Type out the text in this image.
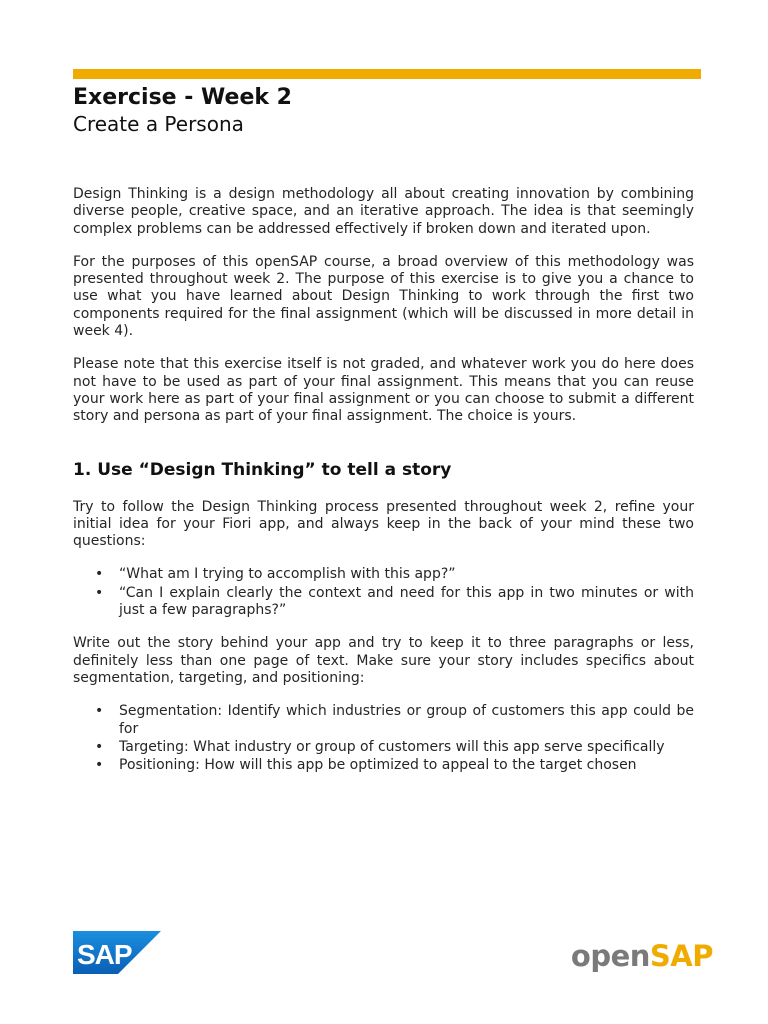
Exercise - Week 2
Create a Persona

Design Thinking is a design methodology all about creating innovation by combining diverse people, creative space, and an iterative approach. The idea is that seemingly complex problems can be addressed effectively if broken down and iterated upon.

For the purposes of this openSAP course, a broad overview of this methodology was presented throughout week 2. The purpose of this exercise is to give you a chance to use what you have learned about Design Thinking to work through the first two components required for the final assignment (which will be discussed in more detail in week 4).

Please note that this exercise itself is not graded, and whatever work you do here does not have to be used as part of your final assignment. This means that you can reuse your work here as part of your final assignment or you can choose to submit a different story and persona as part of your final assignment. The choice is yours.

1. Use “Design Thinking” to tell a story

Try to follow the Design Thinking process presented throughout week 2, refine your initial idea for your Fiori app, and always keep in the back of your mind these two questions:

• “What am I trying to accomplish with this app?”
• “Can I explain clearly the context and need for this app in two minutes or with just a few paragraphs?”

Write out the story behind your app and try to keep it to three paragraphs or less, definitely less than one page of text. Make sure your story includes specifics about segmentation, targeting, and positioning:

• Segmentation: Identify which industries or group of customers this app could be for
• Targeting: What industry or group of customers will this app serve specifically
• Positioning: How will this app be optimized to appeal to the target chosen
SAP	openSAP
